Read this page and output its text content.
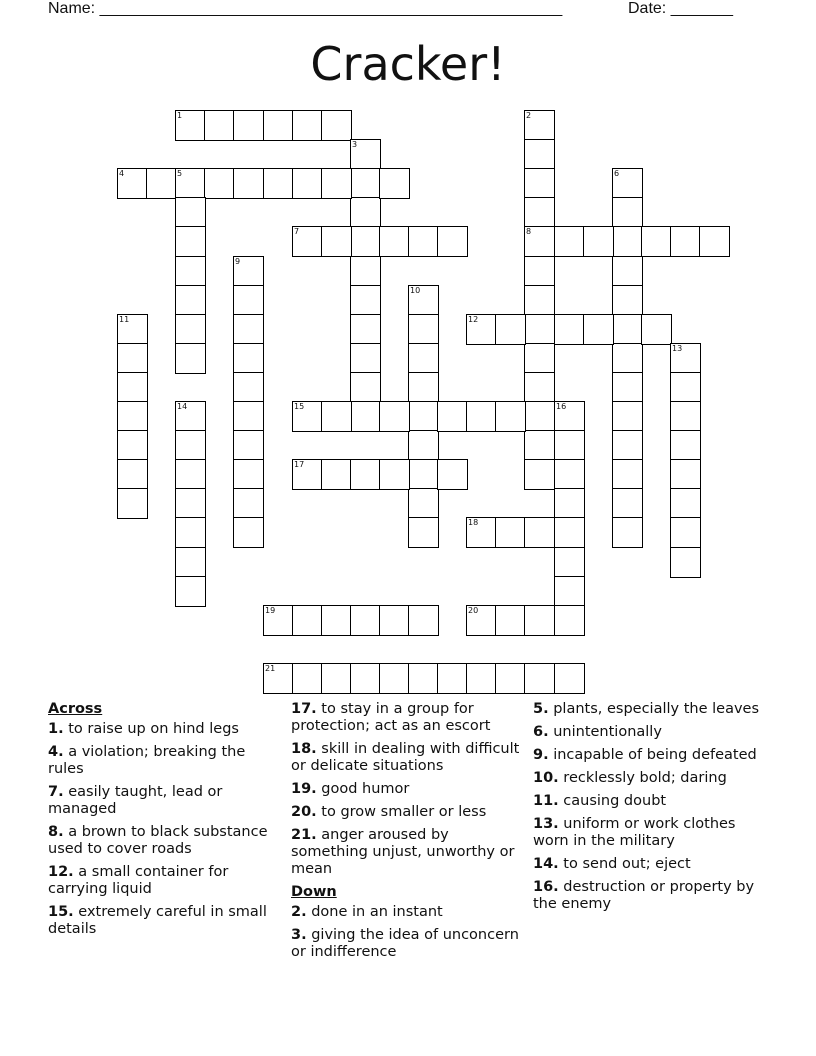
Name: ____________________________________________________	Date: _______
Cracker!
1	2
8
3
4	5	6
7
9
10
11	12
13
14	15	16
17
18
19	20
21
Across
1. to raise up on hind legs
4. a violation; breaking the rules
7. easily taught, lead or managed
8. a brown to black substance used to cover roads
12. a small container for carrying liquid
15. extremely careful in small details
17. to stay in a group for protection; act as an escort
18. skill in dealing with difficult or delicate situations
19. good humor
20. to grow smaller or less
21. anger aroused by something unjust, unworthy or mean
Down
2. done in an instant
3. giving the idea of unconcern or indifference
5. plants, especially the leaves
6. unintentionally
9. incapable of being defeated
10. recklessly bold; daring
11. causing doubt
13. uniform or work clothes worn in the military
14. to send out; eject
16. destruction or property by the enemy
